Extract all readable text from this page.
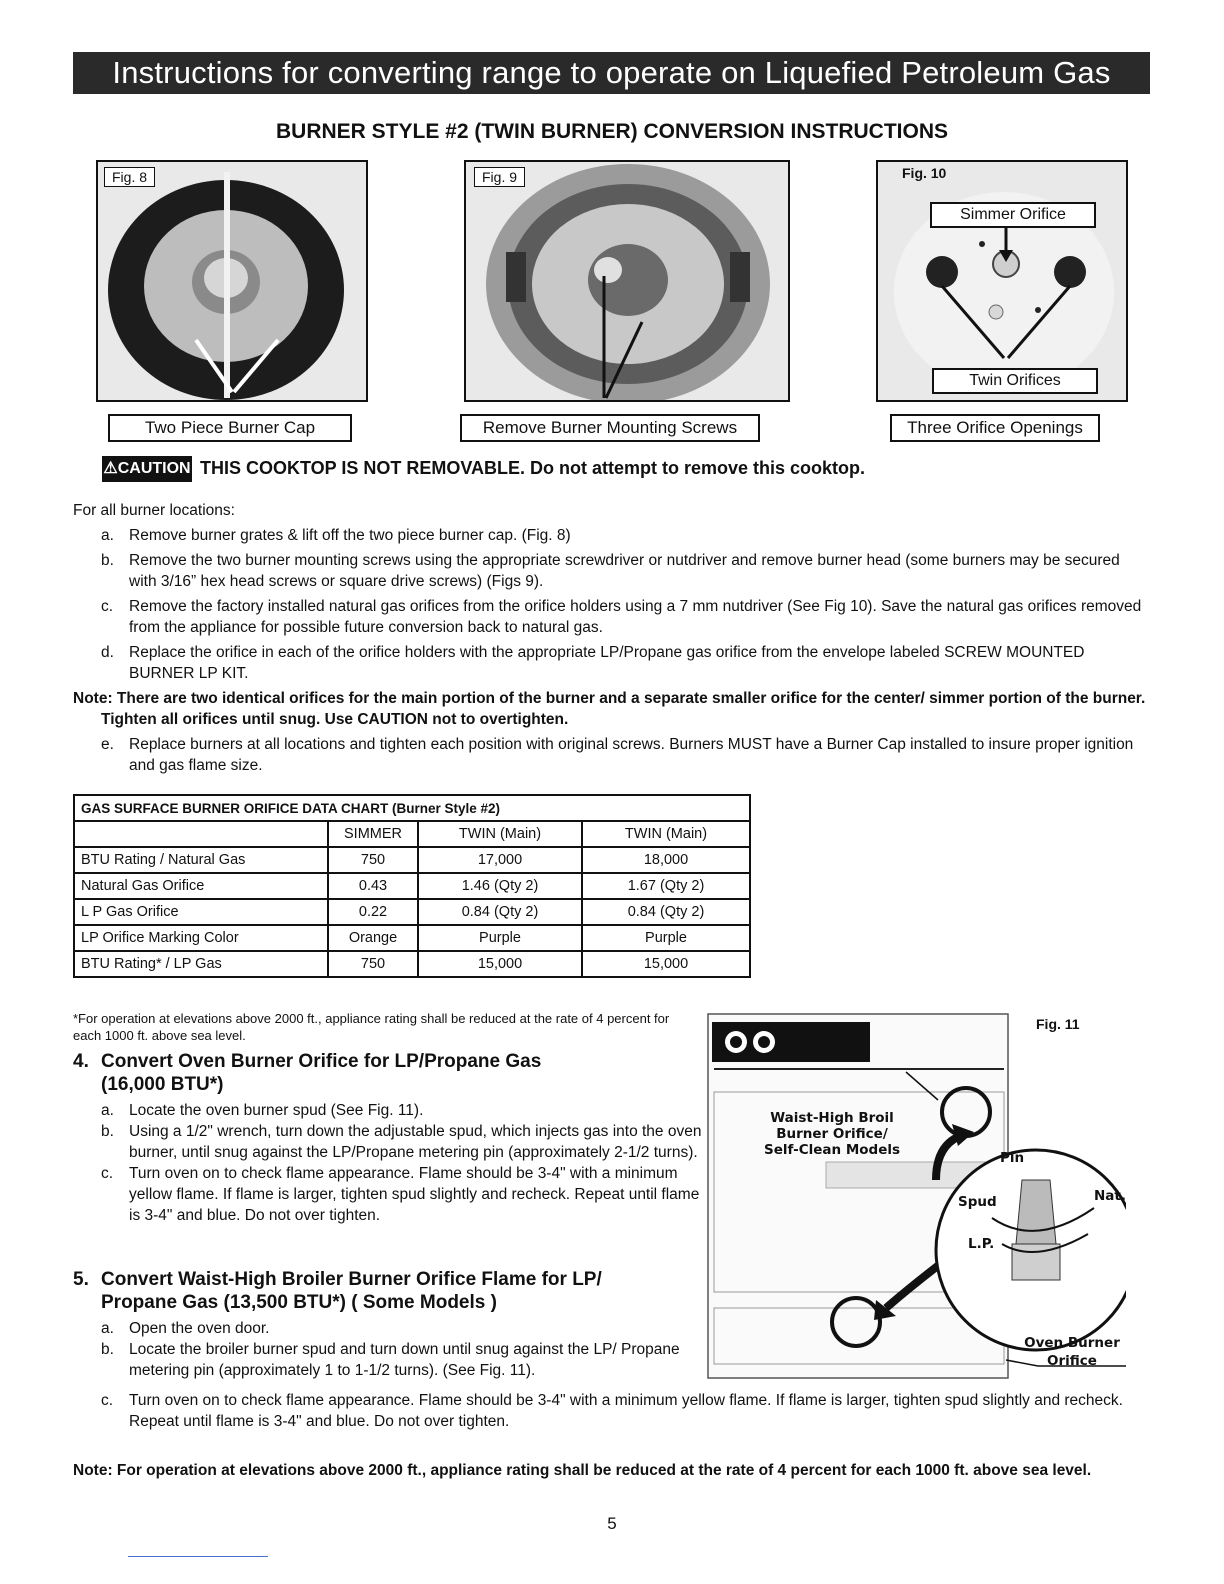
Instructions for converting range to operate on Liquefied Petroleum Gas
BURNER STYLE #2 (TWIN BURNER) CONVERSION INSTRUCTIONS
Fig. 8
Two Piece Burner Cap
Fig. 9
Remove Burner Mounting Screws
Fig. 10
Simmer Orifice
Twin Orifices
Three Orifice Openings
⚠CAUTION THIS COOKTOP IS NOT REMOVABLE. Do not attempt to remove this cooktop.
For all burner locations:
a. Remove burner grates & lift off the two piece burner cap. (Fig. 8)
b. Remove the two burner mounting screws using the appropriate screwdriver or nutdriver and remove burner head (some burners may be secured with 3/16” hex head screws or square drive screws) (Figs 9).
c.	Remove the factory installed natural gas orifices from the orifice holders using a 7 mm nutdriver (See Fig 10). Save the natural gas orifices removed from the appliance for possible future conversion back to natural gas.
d. Replace the orifice in each of the orifice holders with the appropriate LP/Propane gas orifice from the envelope labeled SCREW MOUNTED BURNER LP KIT.
Note: There are two identical orifices for the main portion of the burner and a separate smaller orifice for the center/ simmer portion of the burner. Tighten all orifices until snug. Use CAUTION not to overtighten.
e. Replace burners at all locations and tighten each position with original screws. Burners MUST have a Burner Cap installed to insure proper ignition and gas flame size.
GAS SURFACE BURNER ORIFICE DATA CHART (Burner Style #2)			
	SIMMER	TWIN (Main)	TWIN (Main)
BTU Rating / Natural Gas	750	17,000	18,000
Natural Gas Orifice	0.43	1.46 (Qty 2)	1.67 (Qty 2)
L P Gas Orifice	0.22	0.84 (Qty 2)	0.84 (Qty 2)
LP Orifice Marking Color	Orange	Purple	Purple
BTU Rating* / LP Gas	750	15,000	15,000
*For operation at elevations above 2000 ft., appliance rating shall be reduced at the rate of 4 percent for each 1000 ft. above sea level.
4. Convert Oven Burner Orifice for LP/Propane Gas
(16,000 BTU*)
a. Locate the oven burner spud (See Fig. 11).
b. Using a 1/2" wrench, turn down the adjustable spud, which injects gas into the oven burner, until snug against the LP/Propane metering pin (approximately 2-1/2 turns).
c.	Turn oven on to check flame appearance. Flame should be 3-4" with a minimum yellow flame. If flame is larger, tighten spud slightly and recheck. Repeat until flame is 3-4" and blue. Do not over tighten.
5. Convert Waist-High Broiler Burner Orifice Flame for LP/
Propane Gas (13,500 BTU*) ( Some Models )
a. Open the oven door.
b. Locate the broiler burner spud and turn down until snug against the LP/ Propane metering pin (approximately 1 to 1-1/2 turns). (See Fig. 11).
c.	Turn oven on to check flame appearance. Flame should be 3-4" with a minimum yellow flame. If flame is larger, tighten spud slightly and recheck. Repeat until flame is 3-4" and blue. Do not over tighten.
Fig. 11
Waist-High Broil
Burner Orifice/
Self-Clean Models	Pin
Spud	Nat.
L.P.
Oven Burner
Orifice
Note: For operation at elevations above 2000 ft., appliance rating shall be reduced at the rate of 4 percent for each 1000 ft. above sea level.
5
